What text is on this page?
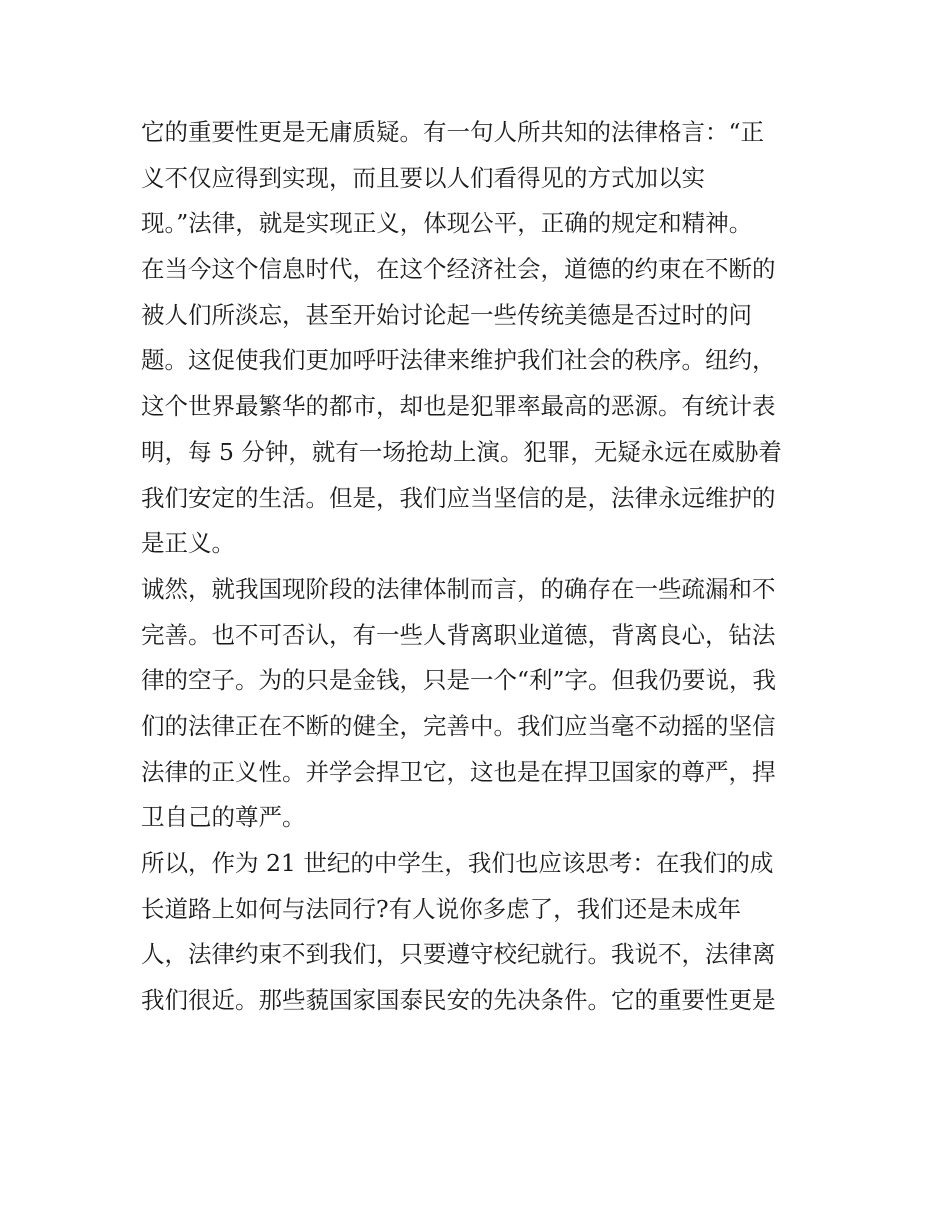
它的重要性更是无庸质疑。有一句人所共知的法律格言：“正
义不仅应得到实现，而且要以人们看得见的方式加以实
现。”法律，就是实现正义，体现公平，正确的规定和精神。
在当今这个信息时代，在这个经济社会，道德的约束在不断的
被人们所淡忘，甚至开始讨论起一些传统美德是否过时的问
题。这促使我们更加呼吁法律来维护我们社会的秩序。纽约，
这个世界最繁华的都市，却也是犯罪率最高的恶源。有统计表
明，每 5 分钟，就有一场抢劫上演。犯罪，无疑永远在威胁着
我们安定的生活。但是，我们应当坚信的是，法律永远维护的
是正义。
诚然，就我国现阶段的法律体制而言，的确存在一些疏漏和不
完善。也不可否认，有一些人背离职业道德，背离良心，钻法
律的空子。为的只是金钱，只是一个“利”字。但我仍要说，我
们的法律正在不断的健全，完善中。我们应当毫不动摇的坚信
法律的正义性。并学会捍卫它，这也是在捍卫国家的尊严，捍
卫自己的尊严。
所以，作为 21 世纪的中学生，我们也应该思考：在我们的成
长道路上如何与法同行?有人说你多虑了，我们还是未成年
人，法律约束不到我们，只要遵守校纪就行。我说不，法律离
我们很近。那些藐国家国泰民安的先决条件。它的重要性更是
